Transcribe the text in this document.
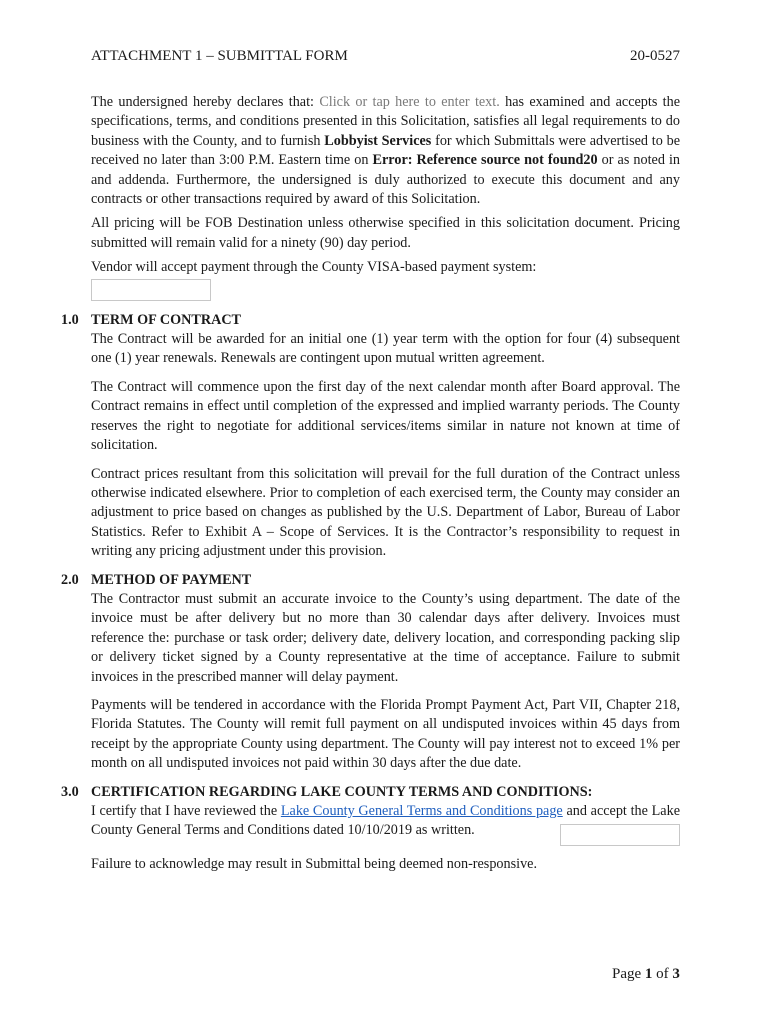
ATTACHMENT 1 – SUBMITTAL FORM	20-0527

The undersigned hereby declares that: Click or tap here to enter text. has examined and accepts the specifications, terms, and conditions presented in this Solicitation, satisfies all legal requirements to do business with the County, and to furnish Lobbyist Services for which Submittals were advertised to be received no later than 3:00 P.M. Eastern time on Error: Reference source not found20 or as noted in and addenda. Furthermore, the undersigned is duly authorized to execute this document and any contracts or other transactions required by award of this Solicitation.

All pricing will be FOB Destination unless otherwise specified in this solicitation document. Pricing submitted will remain valid for a ninety (90) day period.

Vendor will accept payment through the County VISA-based payment system:

1.0 TERM OF CONTRACT

The Contract will be awarded for an initial one (1) year term with the option for four (4) subsequent one (1) year renewals. Renewals are contingent upon mutual written agreement.

The Contract will commence upon the first day of the next calendar month after Board approval. The Contract remains in effect until completion of the expressed and implied warranty periods. The County reserves the right to negotiate for additional services/items similar in nature not known at time of solicitation.

Contract prices resultant from this solicitation will prevail for the full duration of the Contract unless otherwise indicated elsewhere. Prior to completion of each exercised term, the County may consider an adjustment to price based on changes as published by the U.S. Department of Labor, Bureau of Labor Statistics. Refer to Exhibit A – Scope of Services. It is the Contractor’s responsibility to request in writing any pricing adjustment under this provision.

2.0 METHOD OF PAYMENT

The Contractor must submit an accurate invoice to the County’s using department. The date of the invoice must be after delivery but no more than 30 calendar days after delivery. Invoices must reference the: purchase or task order; delivery date, delivery location, and corresponding packing slip or delivery ticket signed by a County representative at the time of acceptance. Failure to submit invoices in the prescribed manner will delay payment.

Payments will be tendered in accordance with the Florida Prompt Payment Act, Part VII, Chapter 218, Florida Statutes. The County will remit full payment on all undisputed invoices within 45 days from receipt by the appropriate County using department. The County will pay interest not to exceed 1% per month on all undisputed invoices not paid within 30 days after the due date.

3.0 CERTIFICATION REGARDING LAKE COUNTY TERMS AND CONDITIONS:

I certify that I have reviewed the Lake County General Terms and Conditions page and accept the Lake County General Terms and Conditions dated 10/10/2019 as written.

Failure to acknowledge may result in Submittal being deemed non-responsive.

Page 1 of 3
